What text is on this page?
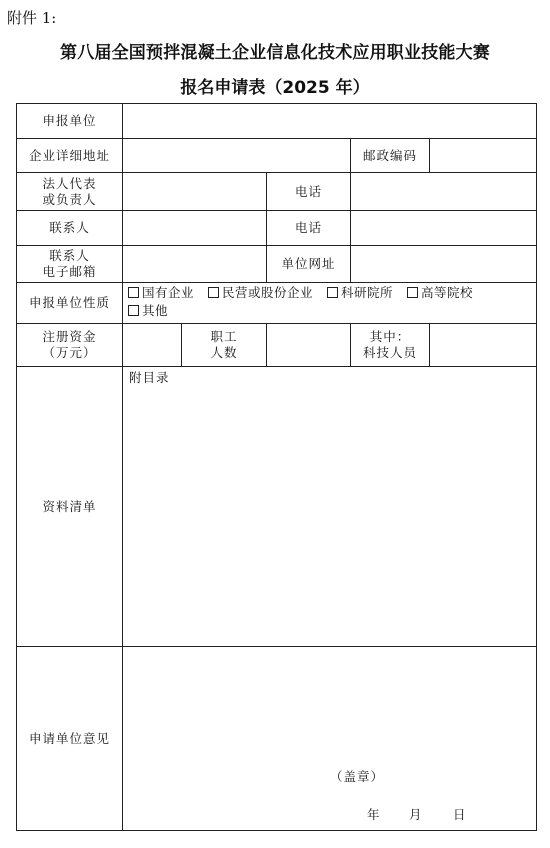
附件 1:
第八届全国预拌混凝土企业信息化技术应用职业技能大赛
报名申请表（2025 年）
申报单位
企业详细地址	邮政编码
法人代表
或负责人
电话
联系人	电话
联系人
电子邮箱
单位网址
申报单位性质
国有企业 民营或股份企业 科研院所 高等院校
其他
注册资金
（万元）
职工
人数
其中：
科技人员
资料清单
附目录
申请单位意见
（盖章）
年 月 日
